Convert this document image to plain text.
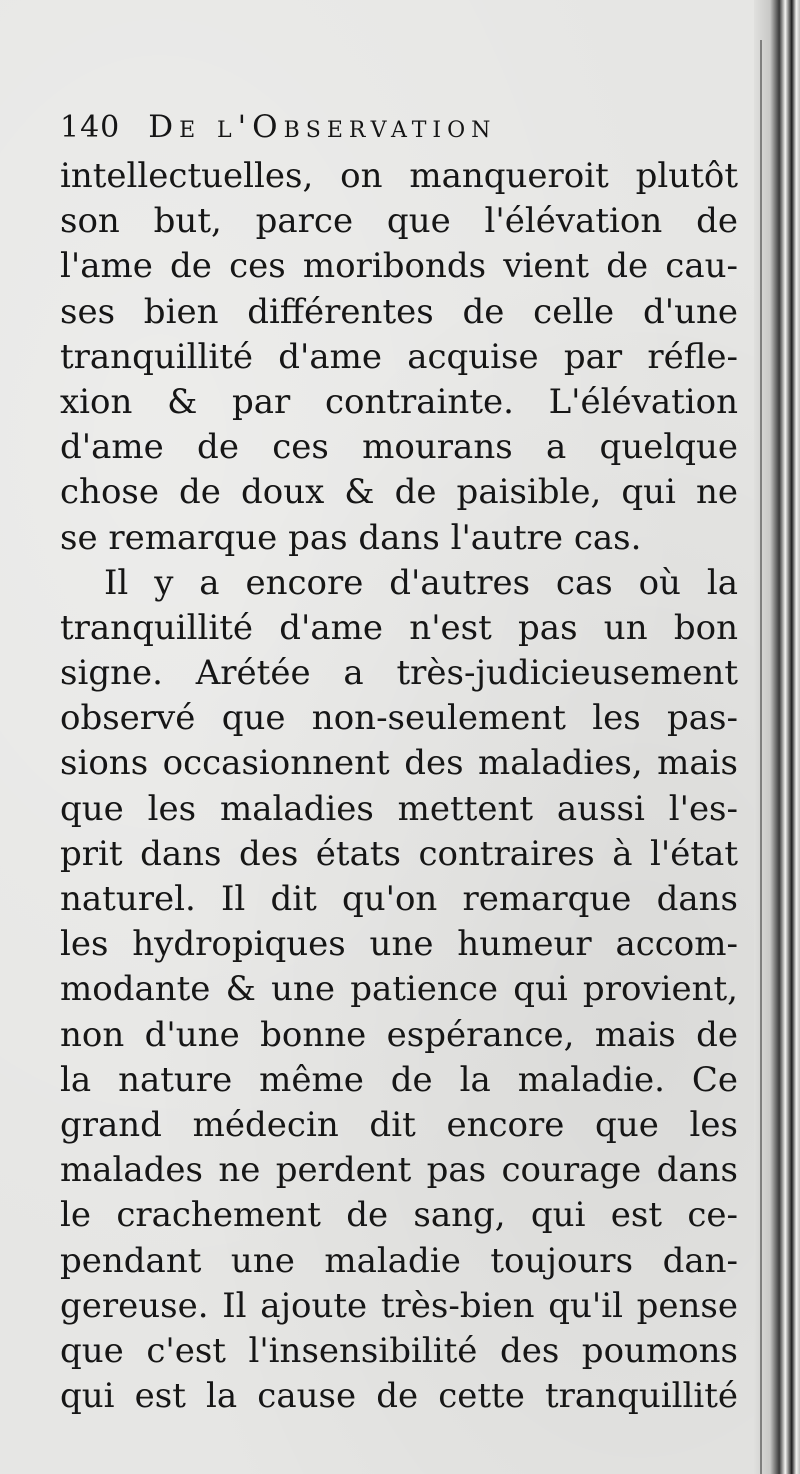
140 De l'Observation
intellectuelles, on manqueroit plutôt
son but, parce que l'élévation de
l'ame de ces moribonds vient de cau-
ses bien différentes de celle d'une
tranquillité d'ame acquise par réfle-
xion & par contrainte. L'élévation
d'ame de ces mourans a quelque
chose de doux & de paisible, qui ne
se remarque pas dans l'autre cas.
Il y a encore d'autres cas où la
tranquillité d'ame n'est pas un bon
signe. Arétée a très-judicieusement
observé que non-seulement les pas-
sions occasionnent des maladies, mais
que les maladies mettent aussi l'es-
prit dans des états contraires à l'état
naturel. Il dit qu'on remarque dans
les hydropiques une humeur accom-
modante & une patience qui provient,
non d'une bonne espérance, mais de
la nature même de la maladie. Ce
grand médecin dit encore que les
malades ne perdent pas courage dans
le crachement de sang, qui est ce-
pendant une maladie toujours dan-
gereuse. Il ajoute très-bien qu'il pense
que c'est l'insensibilité des poumons
qui est la cause de cette tranquillité
